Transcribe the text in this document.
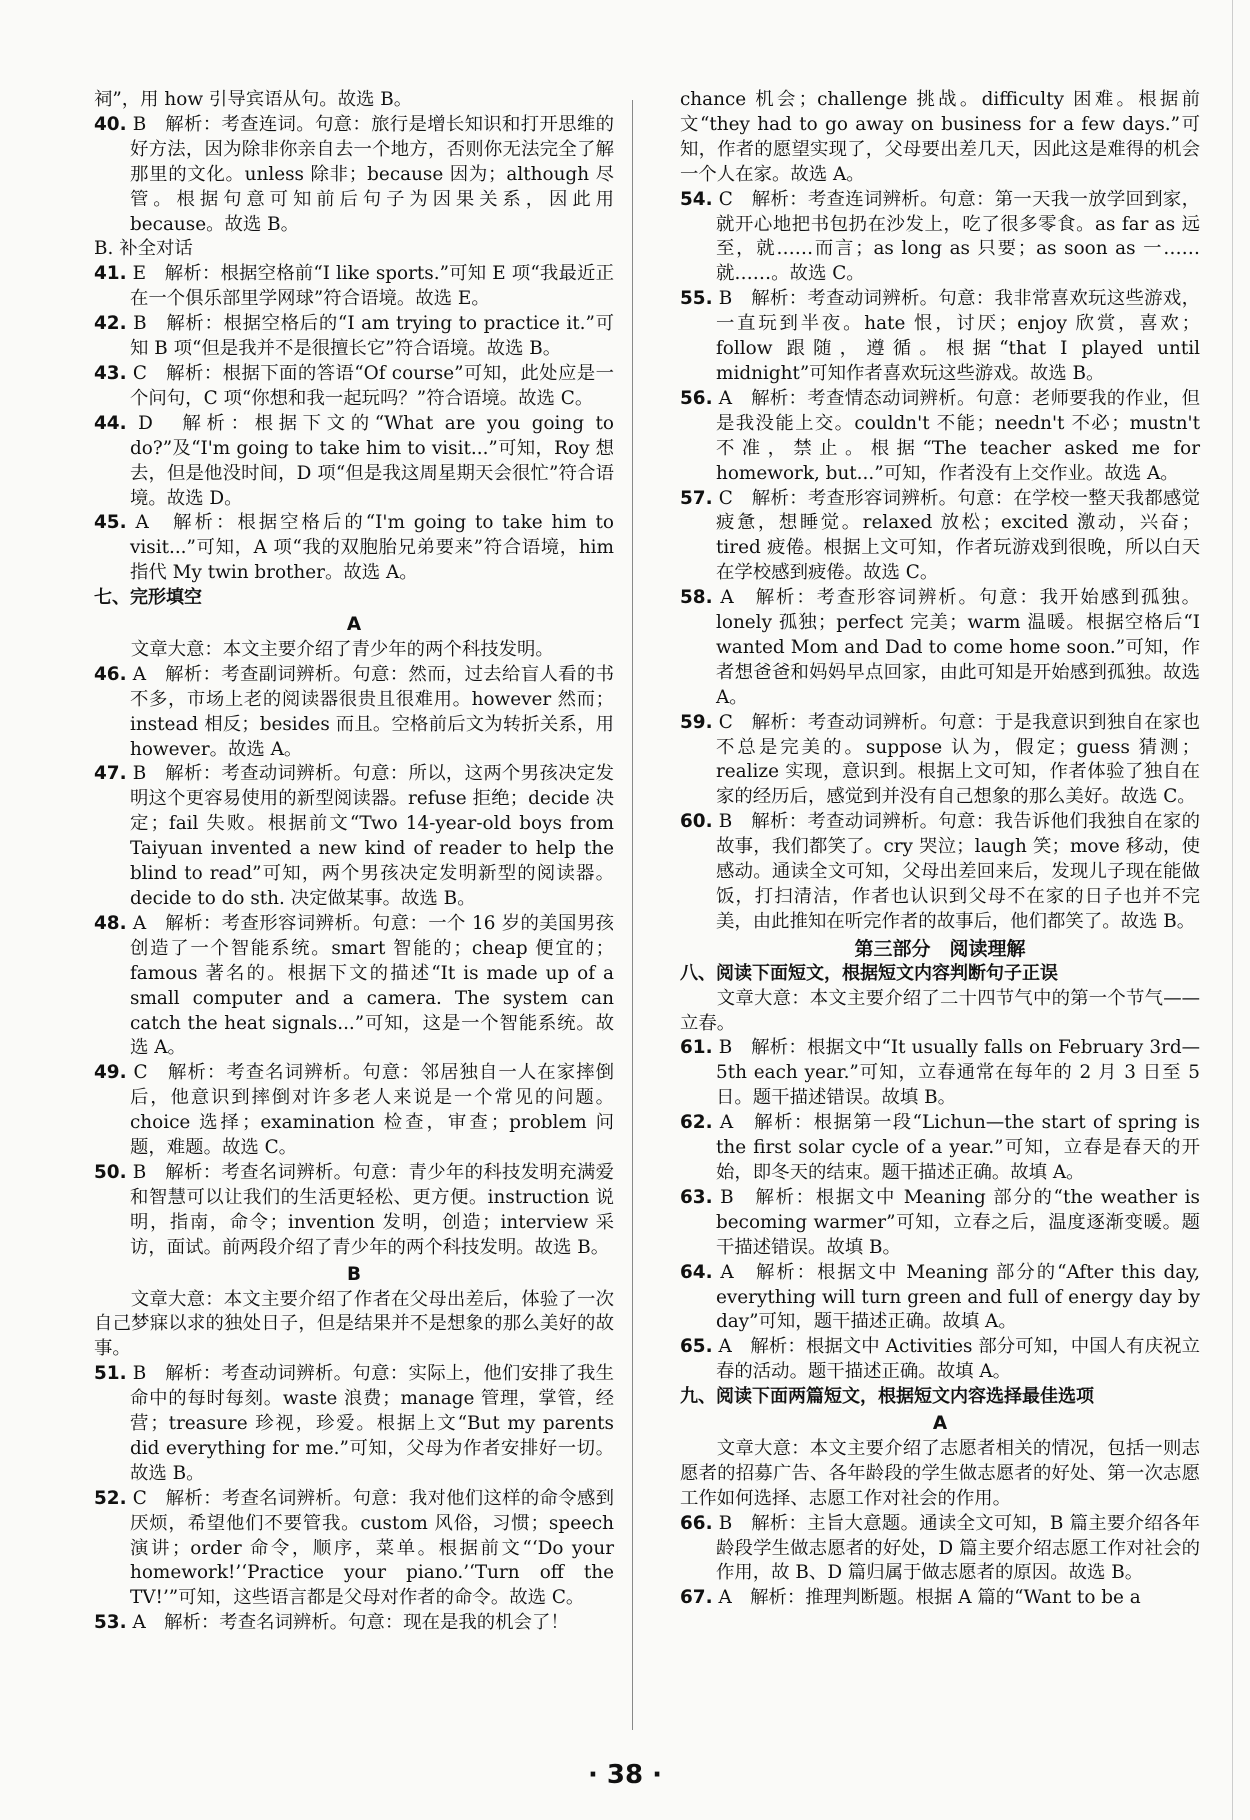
祠”，用 how 引导宾语从句。故选 B。

40. B　解析：考查连词。句意：旅行是增长知识和打开思维的好方法，因为除非你亲自去一个地方，否则你无法完全了解那里的文化。unless 除非；because 因为；although 尽管。根据句意可知前后句子为因果关系，因此用 because。故选 B。

B. 补全对话

41. E　解析：根据空格前“I like sports.”可知 E 项“我最近正在一个俱乐部里学网球”符合语境。故选 E。

42. B　解析：根据空格后的“I am trying to practice it.”可知 B 项“但是我并不是很擅长它”符合语境。故选 B。

43. C　解析：根据下面的答语“Of course”可知，此处应是一个问句，C 项“你想和我一起玩吗？”符合语境。故选 C。

44. D　解析：根据下文的“What are you going to do?”及“I'm going to take him to visit...”可知，Roy 想去，但是他没时间，D 项“但是我这周星期天会很忙”符合语境。故选 D。

45. A　解析：根据空格后的“I'm going to take him to visit...”可知，A 项“我的双胞胎兄弟要来”符合语境，him 指代 My twin brother。故选 A。

七、完形填空

A

文章大意：本文主要介绍了青少年的两个科技发明。

46. A　解析：考查副词辨析。句意：然而，过去给盲人看的书不多，市场上老的阅读器很贵且很难用。however 然而；instead 相反；besides 而且。空格前后文为转折关系，用 however。故选 A。

47. B　解析：考查动词辨析。句意：所以，这两个男孩决定发明这个更容易使用的新型阅读器。refuse 拒绝；decide 决定；fail 失败。根据前文“Two 14-year-old boys from Taiyuan invented a new kind of reader to help the blind to read”可知，两个男孩决定发明新型的阅读器。decide to do sth. 决定做某事。故选 B。

48. A　解析：考查形容词辨析。句意：一个 16 岁的美国男孩创造了一个智能系统。smart 智能的；cheap 便宜的；famous 著名的。根据下文的描述“It is made up of a small computer and a camera. The system can catch the heat signals...”可知，这是一个智能系统。故选 A。

49. C　解析：考查名词辨析。句意：邻居独自一人在家摔倒后，他意识到摔倒对许多老人来说是一个常见的问题。choice 选择；examination 检查，审查；problem 问题，难题。故选 C。

50. B　解析：考查名词辨析。句意：青少年的科技发明充满爱和智慧可以让我们的生活更轻松、更方便。instruction 说明，指南，命令；invention 发明，创造；interview 采访，面试。前两段介绍了青少年的两个科技发明。故选 B。

B

文章大意：本文主要介绍了作者在父母出差后，体验了一次自己梦寐以求的独处日子，但是结果并不是想象的那么美好的故事。

51. B　解析：考查动词辨析。句意：实际上，他们安排了我生命中的每时每刻。waste 浪费；manage 管理，掌管，经营；treasure 珍视，珍爱。根据上文“But my parents did everything for me.”可知，父母为作者安排好一切。故选 B。

52. C　解析：考查名词辨析。句意：我对他们这样的命令感到厌烦，希望他们不要管我。custom 风俗，习惯；speech 演讲；order 命令，顺序，菜单。根据前文“‘Do your homework!’‘Practice your piano.’‘Turn off the TV!’”可知，这些语言都是父母对作者的命令。故选 C。

53. A　解析：考查名词辨析。句意：现在是我的机会了！

chance 机会；challenge 挑战。difficulty 困难。根据前文“they had to go away on business for a few days.”可知，作者的愿望实现了，父母要出差几天，因此这是难得的机会一个人在家。故选 A。

54. C　解析：考查连词辨析。句意：第一天我一放学回到家，就开心地把书包扔在沙发上，吃了很多零食。as far as 远至，就……而言；as long as 只要；as soon as 一……就……。故选 C。

55. B　解析：考查动词辨析。句意：我非常喜欢玩这些游戏，一直玩到半夜。hate 恨，讨厌；enjoy 欣赏，喜欢；follow 跟随，遵循。根据“that I played until midnight”可知作者喜欢玩这些游戏。故选 B。

56. A　解析：考查情态动词辨析。句意：老师要我的作业，但是我没能上交。couldn't 不能；needn't 不必；mustn't 不准，禁止。根据“The teacher asked me for homework, but...”可知，作者没有上交作业。故选 A。

57. C　解析：考查形容词辨析。句意：在学校一整天我都感觉疲惫，想睡觉。relaxed 放松；excited 激动，兴奋；tired 疲倦。根据上文可知，作者玩游戏到很晚，所以白天在学校感到疲倦。故选 C。

58. A　解析：考查形容词辨析。句意：我开始感到孤独。lonely 孤独；perfect 完美；warm 温暖。根据空格后“I wanted Mom and Dad to come home soon.”可知，作者想爸爸和妈妈早点回家，由此可知是开始感到孤独。故选 A。

59. C　解析：考查动词辨析。句意：于是我意识到独自在家也不总是完美的。suppose 认为，假定；guess 猜测；realize 实现，意识到。根据上文可知，作者体验了独自在家的经历后，感觉到并没有自己想象的那么美好。故选 C。

60. B　解析：考查动词辨析。句意：我告诉他们我独自在家的故事，我们都笑了。cry 哭泣；laugh 笑；move 移动，使感动。通读全文可知，父母出差回来后，发现儿子现在能做饭，打扫清洁，作者也认识到父母不在家的日子也并不完美，由此推知在听完作者的故事后，他们都笑了。故选 B。

第三部分　阅读理解

八、阅读下面短文，根据短文内容判断句子正误

文章大意：本文主要介绍了二十四节气中的第一个节气——立春。

61. B　解析：根据文中“It usually falls on February 3rd—5th each year.”可知，立春通常在每年的 2 月 3 日至 5 日。题干描述错误。故填 B。

62. A　解析：根据第一段“Lichun—the start of spring is the first solar cycle of a year.”可知，立春是春天的开始，即冬天的结束。题干描述正确。故填 A。

63. B　解析：根据文中 Meaning 部分的“the weather is becoming warmer”可知，立春之后，温度逐渐变暖。题干描述错误。故填 B。

64. A　解析：根据文中 Meaning 部分的“After this day, everything will turn green and full of energy day by day”可知，题干描述正确。故填 A。

65. A　解析：根据文中 Activities 部分可知，中国人有庆祝立春的活动。题干描述正确。故填 A。

九、阅读下面两篇短文，根据短文内容选择最佳选项

A

文章大意：本文主要介绍了志愿者相关的情况，包括一则志愿者的招募广告、各年龄段的学生做志愿者的好处、第一次志愿工作如何选择、志愿工作对社会的作用。

66. B　解析：主旨大意题。通读全文可知，B 篇主要介绍各年龄段学生做志愿者的好处，D 篇主要介绍志愿工作对社会的作用，故 B、D 篇归属于做志愿者的原因。故选 B。

67. A　解析：推理判断题。根据 A 篇的“Want to be a

· 38 ·
